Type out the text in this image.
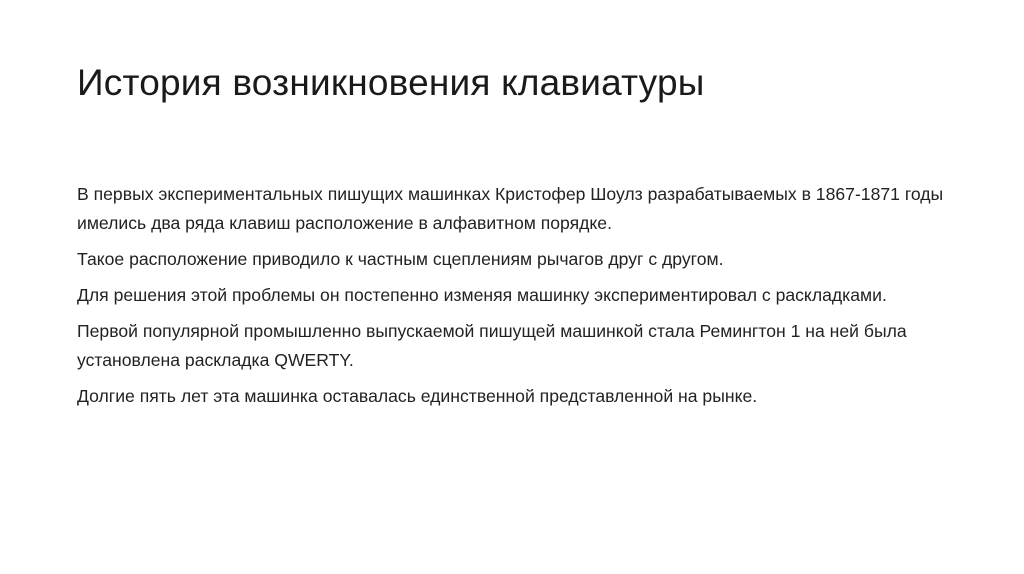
История возникновения клавиатуры

В первых экспериментальных пишущих машинках Кристофер Шоулз разрабатываемых в 1867-1871 годы имелись два ряда клавиш расположение в алфавитном порядке.

Такое расположение приводило к частным сцеплениям рычагов друг с другом.

Для решения этой проблемы он постепенно изменяя машинку экспериментировал с раскладками.

Первой популярной промышленно выпускаемой пишущей машинкой стала Ремингтон 1 на ней была установлена раскладка QWERTY.

Долгие пять лет эта машинка оставалась единственной представленной на рынке.
